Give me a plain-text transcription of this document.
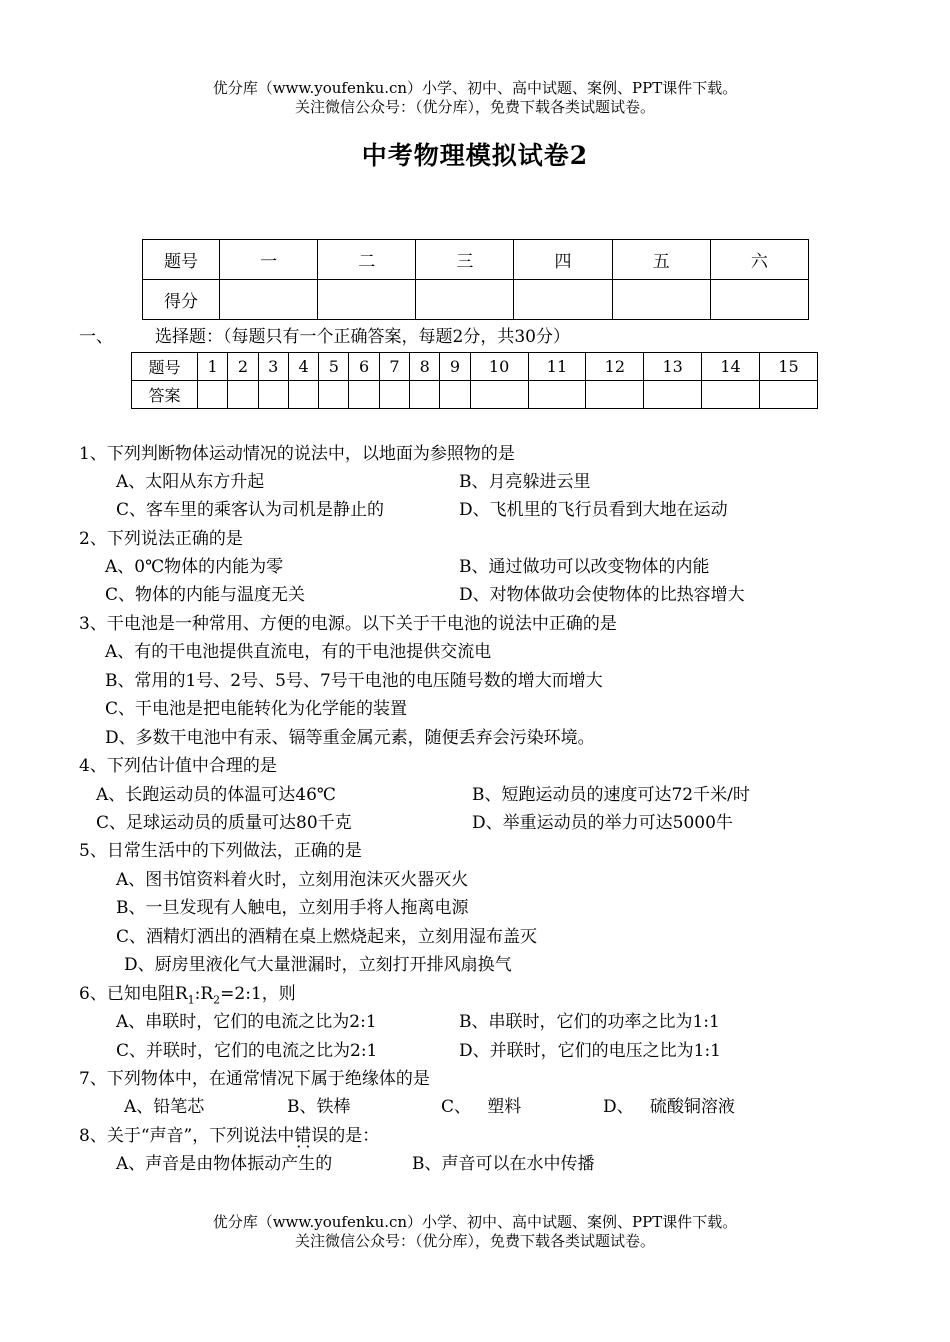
优分库（www.youfenku.cn）小学、初中、高中试题、案例、PPT课件下载。
关注微信公众号：（优分库），免费下载各类试题试卷。
中考物理模拟试卷2
题号	一	二	三	四	五	六
得分						
一、 选择题：（每题只有一个正确答案，每题2分，共30分）
题号	1	2	3	4	5	6	7	8	9	10	11	12	13	14	15
答案															
1、下列判断物体运动情况的说法中，以地面为参照物的是
A、太阳从东方升起	B、月亮躲进云里
C、客车里的乘客认为司机是静止的	D、飞机里的飞行员看到大地在运动
2、下列说法正确的是
A、0℃物体的内能为零	B、通过做功可以改变物体的内能
C、物体的内能与温度无关	D、对物体做功会使物体的比热容增大
3、干电池是一种常用、方便的电源。以下关于干电池的说法中正确的是
A、有的干电池提供直流电，有的干电池提供交流电
B、常用的1号、2号、5号、7号干电池的电压随号数的增大而增大
C、干电池是把电能转化为化学能的装置
D、多数干电池中有汞、镉等重金属元素，随便丢弃会污染环境。
4、下列估计值中合理的是
A、长跑运动员的体温可达46℃	B、短跑运动员的速度可达72千米/时
C、足球运动员的质量可达80千克	D、举重运动员的举力可达5000牛
5、日常生活中的下列做法，正确的是
A、图书馆资料着火时，立刻用泡沫灭火器灭火
B、一旦发现有人触电，立刻用手将人拖离电源
C、酒精灯洒出的酒精在桌上燃烧起来，立刻用湿布盖灭
D、厨房里液化气大量泄漏时，立刻打开排风扇换气
6、已知电阻$R_1:R_2=2:1$，则
A、串联时，它们的电流之比为2:1	B、串联时，它们的功率之比为1:1
C、并联时，它们的电流之比为2:1	D、并联时，它们的电压之比为1:1
7、下列物体中，在通常情况下属于绝缘体的是
A、铅笔芯	B、铁棒	C、   塑料	D、   硫酸铜溶液
8、关于“声音”，下列说法中错误 ··的是：
A、声音是由物体振动产生的	B、声音可以在水中传播
优分库（www.youfenku.cn）小学、初中、高中试题、案例、PPT课件下载。
关注微信公众号：（优分库），免费下载各类试题试卷。
